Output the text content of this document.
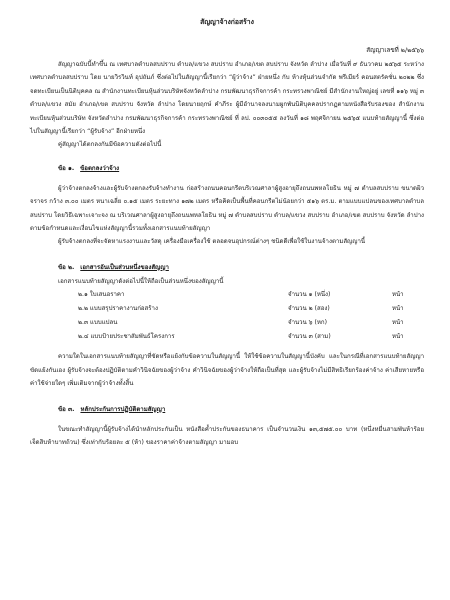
สัญญาจ้างก่อสร้าง
สัญญาเลขที่ ๒/๒๕๖๖

สัญญาฉบับนี้ทำขึ้น ณ เทศบาลตำบลสบปราบ ตำบล/แขวง สบปราบ อำเภอ/เขต สบปราบ จังหวัด ลำปาง เมื่อวันที่ ๙ ธันวาคม ๒๕๖๕ ระหว่าง เทศบาลตำบลสบปราบ โดย นายวิรวินท์ อุปถัมภ์ ซึ่งต่อไปในสัญญานี้เรียกว่า “ผู้ว่าจ้าง” ฝ่ายหนึ่ง กับ ห้างหุ้นส่วนจำกัด พรีเมียร์ คอนสตรัคชั่น ๒๐๒๒ ซึ่งจดทะเบียนเป็นนิติบุคคล ณ สำนักงานทะเบียนหุ้นส่วนบริษัทจังหวัดลำปาง กรมพัฒนาธุรกิจการค้า กระทรวงพาณิชย์ มีสำนักงานใหญ่อยู่ เลขที่ ๑๑๖ หมู่ ๓ ตำบล/แขวง สมัย อำเภอ/เขต สบปราบ จังหวัด ลำปาง โดยนายฤกษ์ คำภีระ ผู้มีอำนาจลงนามผูกพันนิติบุคคลปรากฏตามหนังสือรับรองของ สำนักงานทะเบียนหุ้นส่วนบริษัท จังหวัดลำปาง กรมพัฒนาธุรกิจการค้า กระทรวงพาณิชย์ ที่ ลป. ๐๐๓๐๕๕ ลงวันที่ ๑๘ พฤศจิกายน ๒๕๖๕ แนบท้ายสัญญานี้ ซึ่งต่อไปในสัญญานี้เรียกว่า “ผู้รับจ้าง” อีกฝ่ายหนึ่ง

คู่สัญญาได้ตกลงกันมีข้อความดังต่อไปนี้

ข้อ ๑. ข้อตกลงว่าจ้าง

ผู้ว่าจ้างตกลงจ้างและผู้รับจ้างตกลงรับจ้างทำงาน ก่อสร้างถนนคอนกรีตบริเวณศาลาผู้สูงอายุถึงถนนพหลโยธิน หมู่ ๗ ตำบลสบปราบ ขนาดผิวจราจร กว้าง ๓.๐๐ เมตร หนาเฉลี่ย ๐.๑๕ เมตร ระยะทาง ๑๗๒ เมตร หรือคิดเป็นพื้นที่คอนกรีตไม่น้อยกว่า ๕๑๖ ตร.ม. ตามแบบแปลนของเทศบาลตำบลสบปราบ โดยวิธีเฉพาะเจาะจง ณ บริเวณศาลาผู้สูงอายุถึงถนนพหลโยธิน หมู่ ๗ ตำบลสบปราบ ตำบล/แขวง สบปราบ อำเภอ/เขต สบปราบ จังหวัด ลำปาง ตามข้อกำหนดและเงื่อนไขแห่งสัญญานี้รวมทั้งเอกสารแนบท้ายสัญญา

ผู้รับจ้างตกลงที่จะจัดหาแรงงานและวัสดุ เครื่องมือเครื่องใช้ ตลอดจนอุปกรณ์ต่างๆ ชนิดดีเพื่อใช้ในงานจ้างตามสัญญานี้

ข้อ ๒. เอกสารอันเป็นส่วนหนึ่งของสัญญา

เอกสารแนบท้ายสัญญาดังต่อไปนี้ให้ถือเป็นส่วนหนึ่งของสัญญานี้

๒.๑ ใบเสนอราคา	จำนวน ๑ (หนึ่ง)	หน้า
๒.๒ แบบสรุปราคางานก่อสร้าง	จำนวน ๒ (สอง)	หน้า
๒.๓ แบบแปลน	จำนวน ๖ (หก)	หน้า
๒.๔ แบบป้ายประชาสัมพันธ์โครงการ	จำนวน ๓ (สาม)	หน้า

ความใดในเอกสารแนบท้ายสัญญาที่ขัดหรือแย้งกับข้อความในสัญญานี้ ให้ใช้ข้อความในสัญญานี้บังคับ และในกรณีที่เอกสารแนบท้ายสัญญาขัดแย้งกันเอง ผู้รับจ้างจะต้องปฏิบัติตามคำวินิจฉัยของผู้ว่าจ้าง คำวินิจฉัยของผู้ว่าจ้างให้ถือเป็นที่สุด และผู้รับจ้างไม่มีสิทธิเรียกร้องค่าจ้าง ค่าเสียหายหรือค่าใช้จ่ายใดๆ เพิ่มเติมจากผู้ว่าจ้างทั้งสิ้น

ข้อ ๓. หลักประกันการปฏิบัติตามสัญญา

ในขณะทำสัญญานี้ผู้รับจ้างได้นำหลักประกันเป็น หนังสือค้ำประกันของธนาคาร เป็นจำนวนเงิน ๑๓,๕๗๕.๐๐ บาท (หนึ่งหมื่นสามพันห้าร้อยเจ็ดสิบห้าบาทถ้วน) ซึ่งเท่ากับร้อยละ ๕ (ห้า) ของราคาค่าจ้างตามสัญญา มามอบ
